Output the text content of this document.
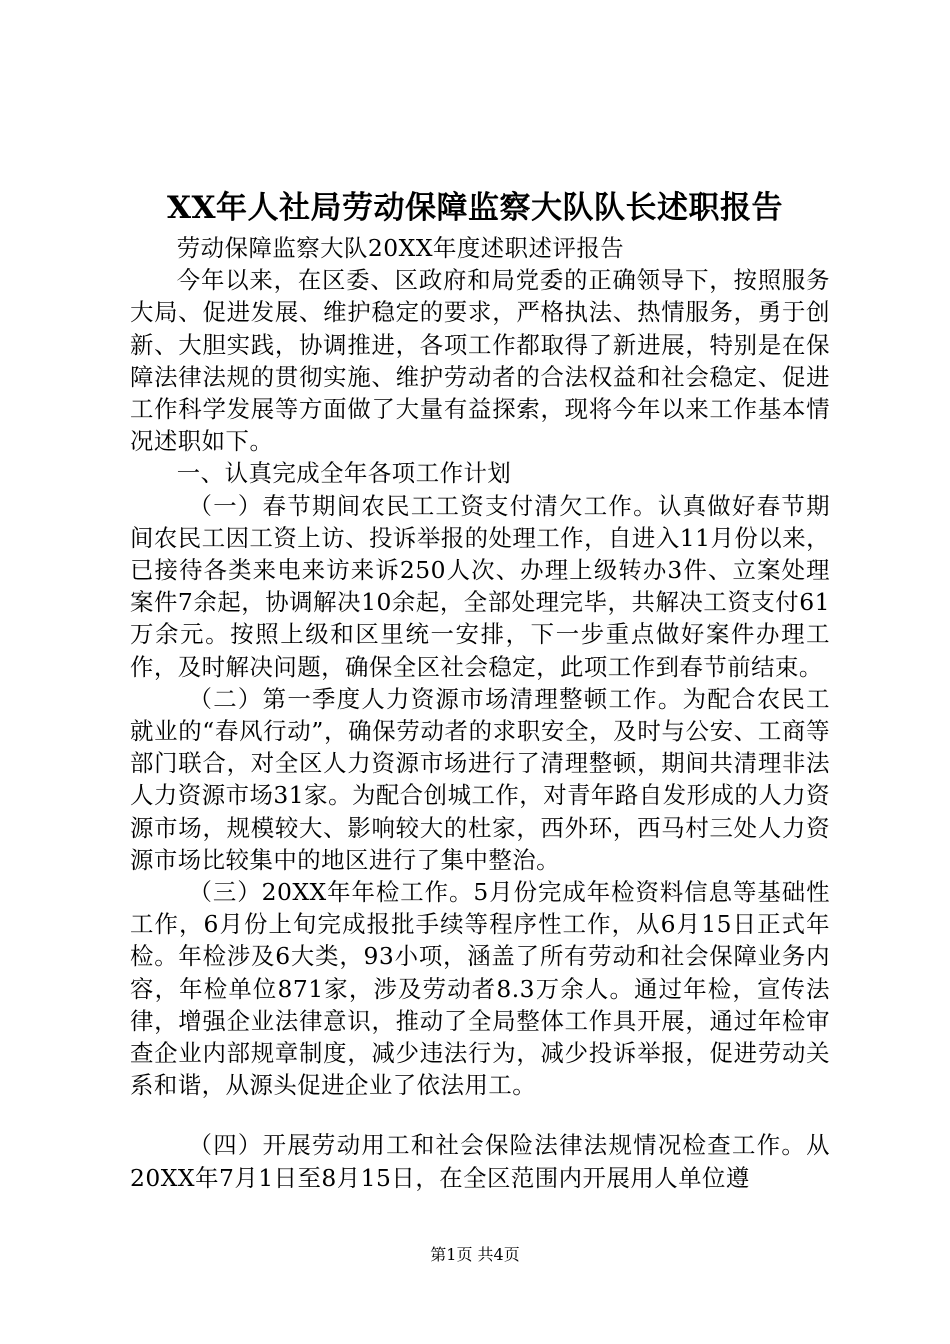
XX年人社局劳动保障监察大队队长述职报告

劳动保障监察大队20XX年度述职述评报告

今年以来，在区委、区政府和局党委的正确领导下，按照服务大局、促进发展、维护稳定的要求，严格执法、热情服务，勇于创新、大胆实践，协调推进，各项工作都取得了新进展，特别是在保障法律法规的贯彻实施、维护劳动者的合法权益和社会稳定、促进工作科学发展等方面做了大量有益探索，现将今年以来工作基本情况述职如下。

一、认真完成全年各项工作计划

（一）春节期间农民工工资支付清欠工作。认真做好春节期间农民工因工资上访、投诉举报的处理工作，自进入11月份以来，已接待各类来电来访来诉250人次、办理上级转办3件、立案处理案件7余起，协调解决10余起，全部处理完毕，共解决工资支付61万余元。按照上级和区里统一安排，下一步重点做好案件办理工作，及时解决问题，确保全区社会稳定，此项工作到春节前结束。

（二）第一季度人力资源市场清理整顿工作。为配合农民工就业的“春风行动”，确保劳动者的求职安全，及时与公安、工商等部门联合，对全区人力资源市场进行了清理整顿，期间共清理非法人力资源市场31家。为配合创城工作，对青年路自发形成的人力资源市场，规模较大、影响较大的杜家，西外环，西马村三处人力资源市场比较集中的地区进行了集中整治。

（三）20XX年年检工作。5月份完成年检资料信息等基础性工作，6月份上旬完成报批手续等程序性工作，从6月15日正式年检。年检涉及6大类，93小项，涵盖了所有劳动和社会保障业务内容，年检单位871家，涉及劳动者8.3万余人。通过年检，宣传法律，增强企业法律意识，推动了全局整体工作具开展，通过年检审查企业内部规章制度，减少违法行为，减少投诉举报，促进劳动关系和谐，从源头促进企业了依法用工。

（四）开展劳动用工和社会保险法律法规情况检查工作。从20XX年7月1日至8月15日，在全区范围内开展用人单位遵

第1页 共4页
